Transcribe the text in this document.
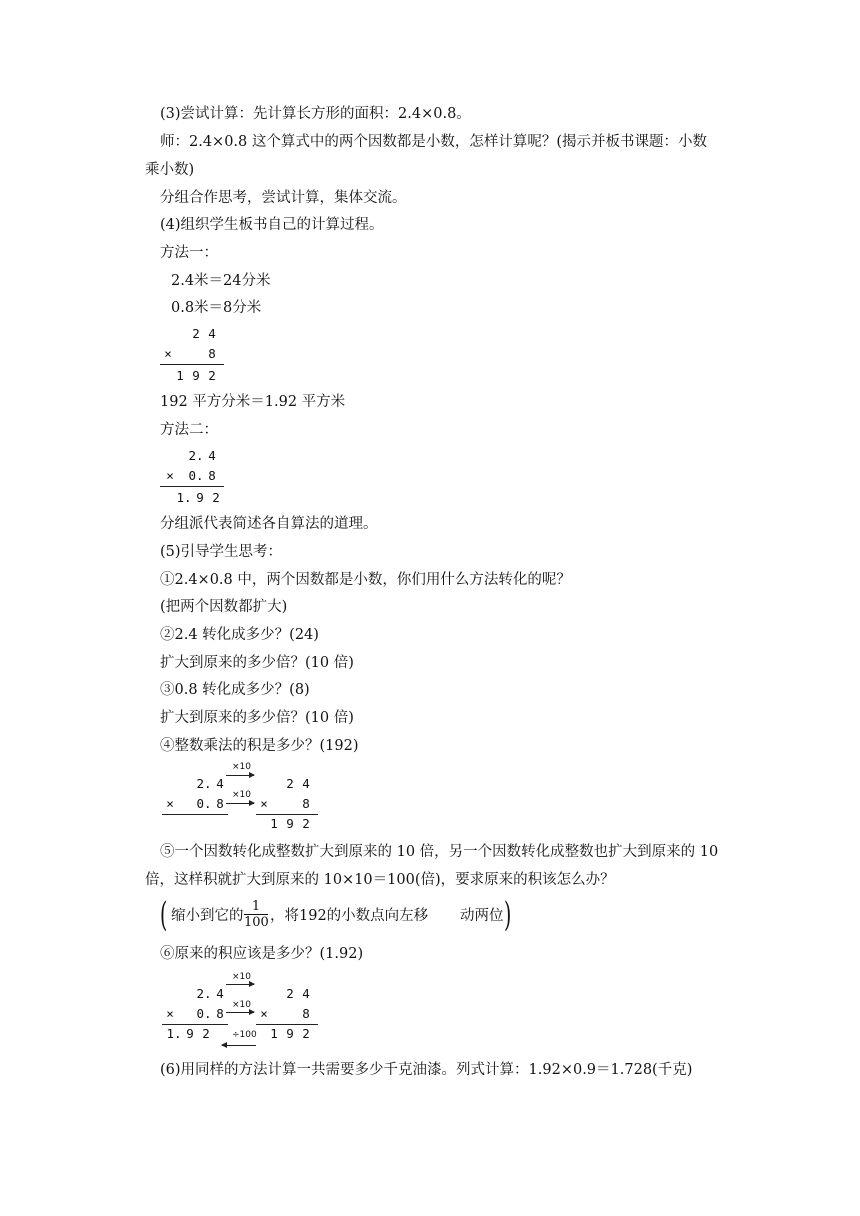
(3)尝试计算：先计算长方形的面积：2.4×0.8。
师：2.4×0.8 这个算式中的两个因数都是小数，怎样计算呢？(揭示并板书课题：小数
乘小数)
分组合作思考，尝试计算，集体交流。
(4)组织学生板书自己的计算过程。
方法一：
2.4米＝24分米
0.8米＝8分米
2 4
×	8
1 9 2
192 平方分米＝1.92 平方米
方法二：
2. 4
×	0. 8
1. 9 2
分组派代表简述各自算法的道理。
(5)引导学生思考：
①2.4×0.8 中，两个因数都是小数，你们用什么方法转化的呢？
(把两个因数都扩大)
②2.4 转化成多少？(24)
扩大到原来的多少倍？(10 倍)
③0.8 转化成多少？(8)
扩大到原来的多少倍？(10 倍)
④整数乘法的积是多少？(192)
×10
2. 4	2 4
×10
×	0. 8	×	8
1 9 2
⑤一个因数转化成整数扩大到原来的 10 倍，另一个因数转化成整数也扩大到原来的 10
倍，这样积就扩大到原来的 10×10＝100(倍)，要求原来的积该怎么办？
( 缩小到它的 $\frac{1}{100}$ ，将192的小数点向左移 动两位 )
⑥原来的积应该是多少？(1.92)
×10
2. 4	2 4
×10
×	0. 8	×	8
1. 9 2	÷100	1 9 2
(6)用同样的方法计算一共需要多少千克油漆。列式计算：1.92×0.9＝1.728(千克)
